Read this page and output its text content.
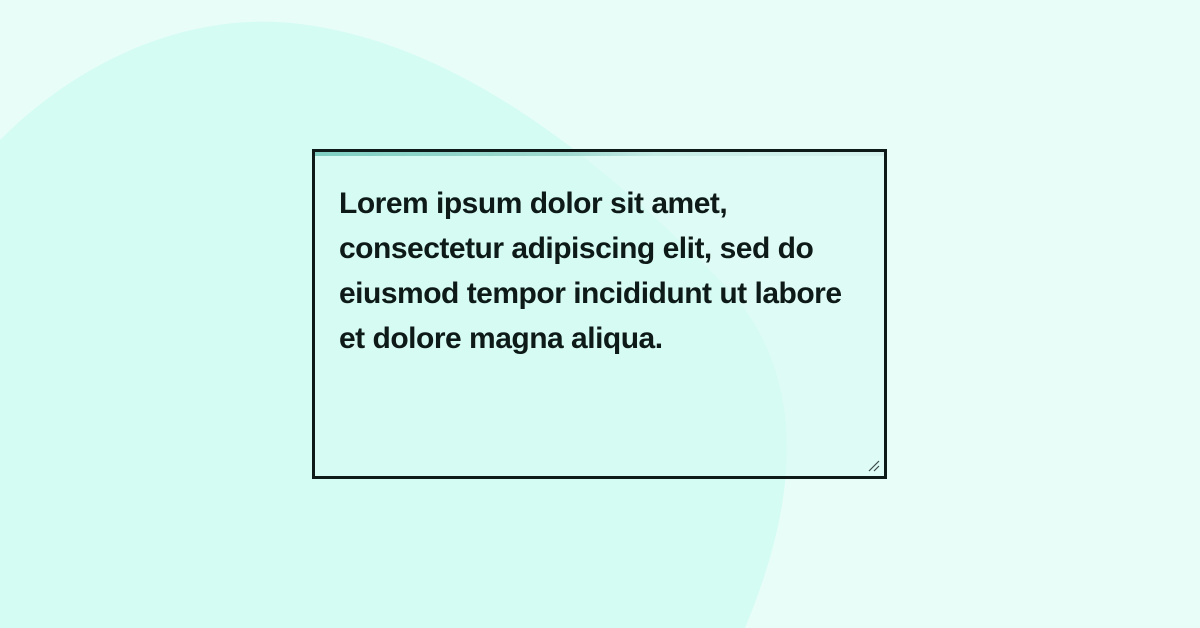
Lorem ipsum dolor sit amet, consectetur adipiscing elit, sed do eiusmod tempor incididunt ut labore et dolore magna aliqua.
